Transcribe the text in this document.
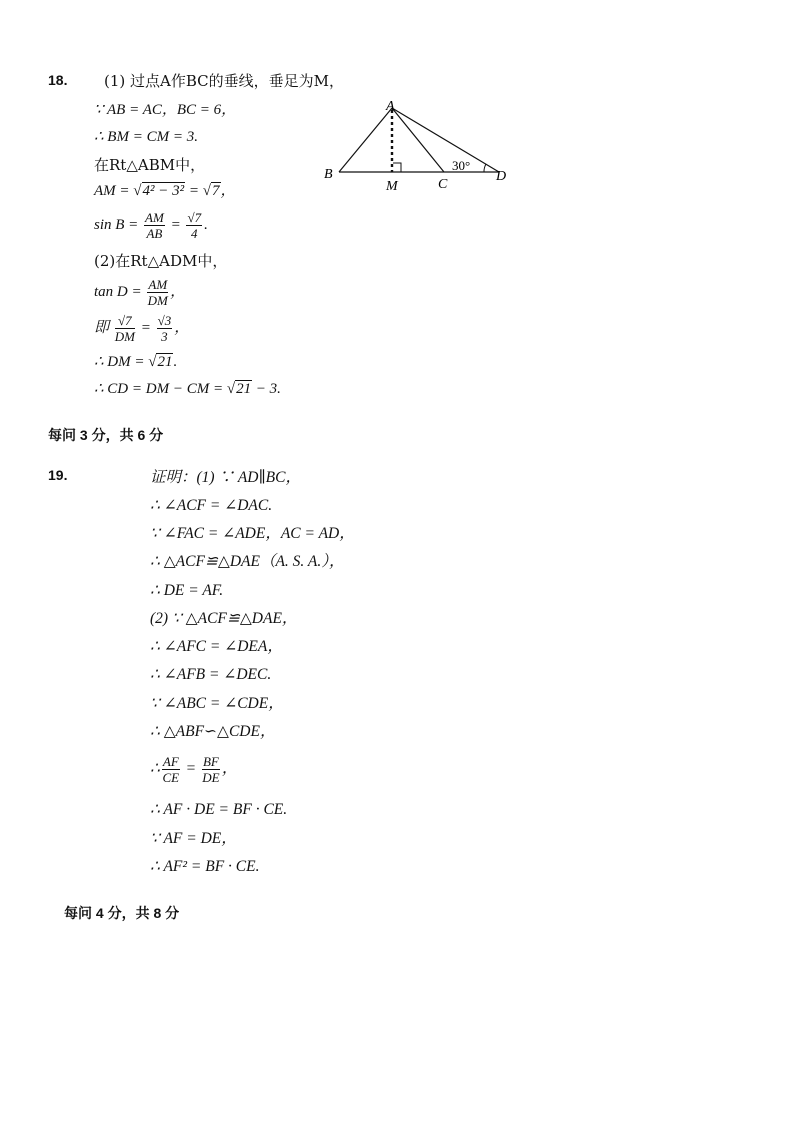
18. (1) 过点A作BC的垂线，垂足为M，
∵ AB = AC，BC = 6，
∴ BM = CM = 3.
在Rt△ABM中，
AM = √4² − 3² = √7，
$\sin B = \frac{AM}{AB} = \frac{√7}{4}$ .
(2)在Rt△ADM中，
$\tan D = \frac{AM}{DM}$ ，
即 $\frac{√7}{DM} = \frac{√3}{3}$ ，
∴ DM = √21.
∴ CD = DM − CM = √21 − 3.
A
B
M	C
D
30°
每问 3 分，共 6 分
19.	证明：(1) ∵ AD∥BC，
∴ ∠ACF = ∠DAC.
∵ ∠FAC = ∠ADE，AC = AD，
∴ △ACF≌△DAE（A. S. A.），
∴ DE = AF.
(2) ∵ △ACF≌△DAE，
∴ ∠AFC = ∠DEA，
∴ ∠AFB = ∠DEC.
∵ ∠ABC = ∠CDE，
∴ △ABF∽△CDE，
∴ $\frac{AF}{CE} = \frac{BF}{DE}$ ，
∴ AF · DE = BF · CE.
∵ AF = DE，
∴ AF² = BF · CE.
每问 4 分，共 8 分
